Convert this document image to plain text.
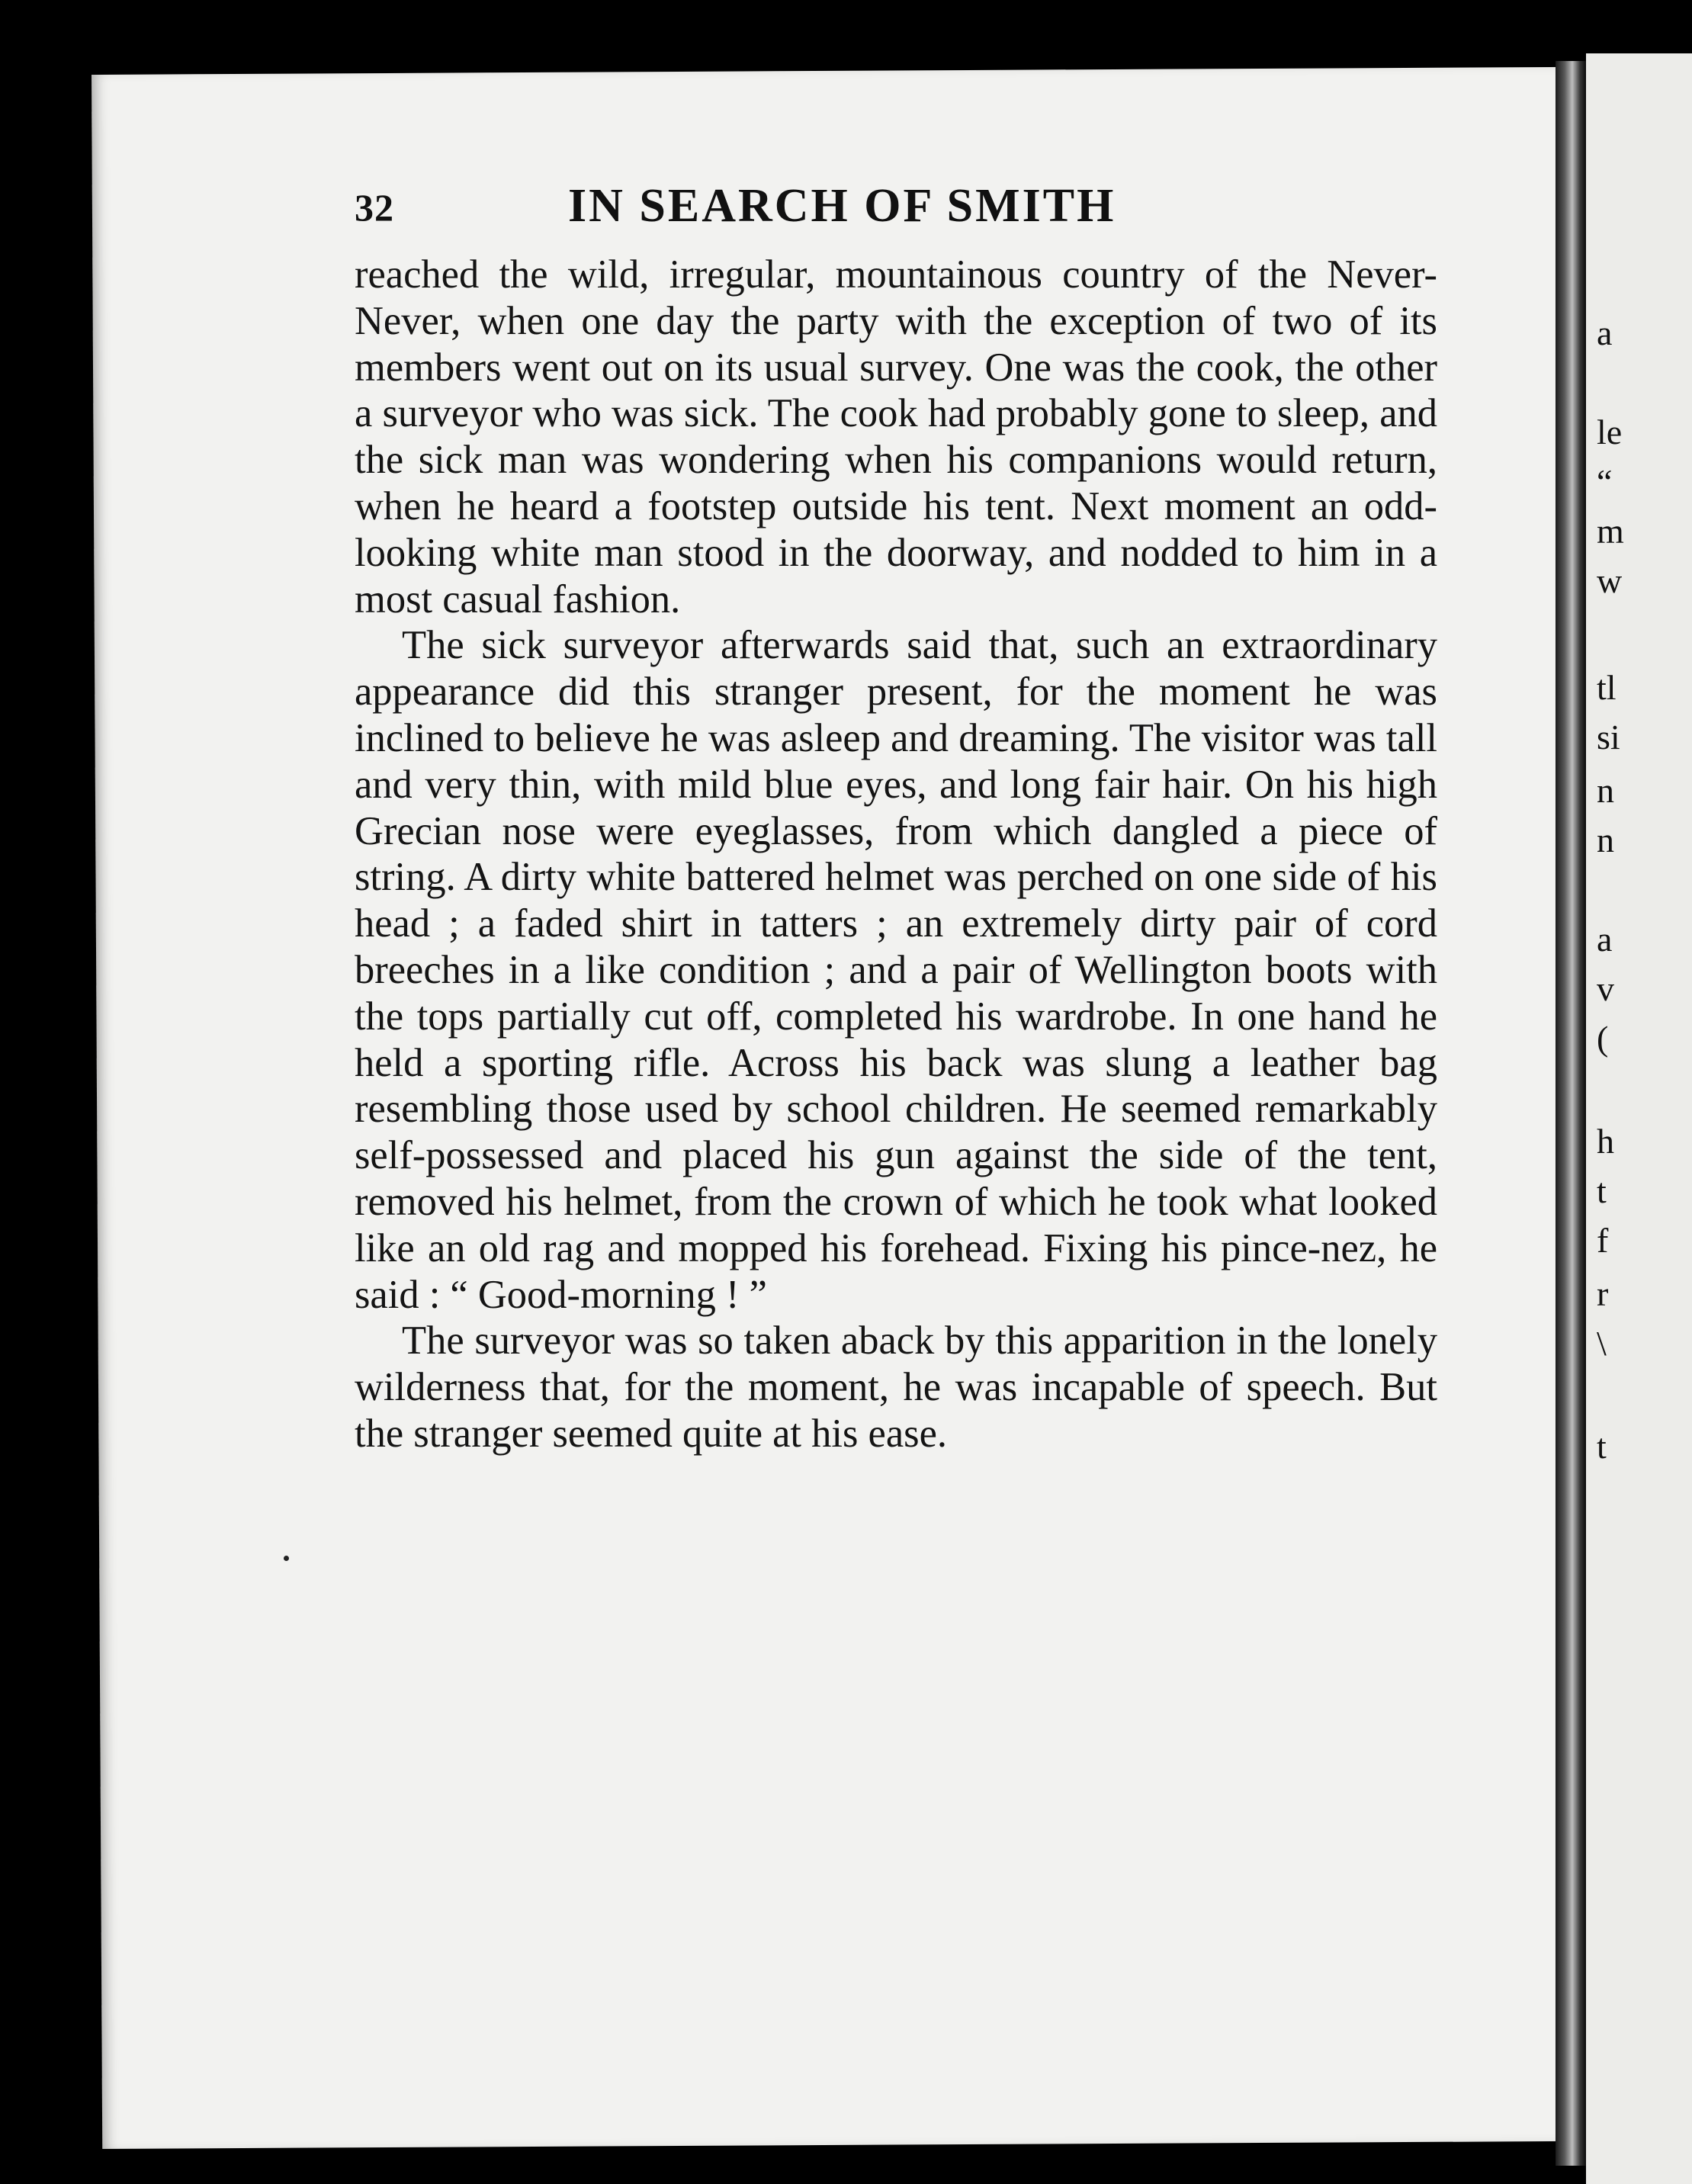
32	IN SEARCH OF SMITH

reached the wild, irregular, mountainous country of the Never-Never, when one day the party with the exception of two of its members went out on its usual survey. One was the cook, the other a surveyor who was sick. The cook had probably gone to sleep, and the sick man was wondering when his companions would return, when he heard a footstep outside his tent. Next moment an odd-looking white man stood in the doorway, and nodded to him in a most casual fashion.

The sick surveyor afterwards said that, such an extraordinary appearance did this stranger present, for the moment he was inclined to believe he was asleep and dreaming. The visitor was tall and very thin, with mild blue eyes, and long fair hair. On his high Grecian nose were eyeglasses, from which dangled a piece of string. A dirty white battered helmet was perched on one side of his head ; a faded shirt in tatters ; an extremely dirty pair of cord breeches in a like condition ; and a pair of Wellington boots with the tops partially cut off, completed his wardrobe. In one hand he held a sporting rifle. Across his back was slung a leather bag resembling those used by school children. He seemed remarkably self-possessed and placed his gun against the side of the tent, removed his helmet, from the crown of which he took what looked like an old rag and mopped his forehead. Fixing his pince-nez, he said : “ Good-morning ! ”

The surveyor was so taken aback by this apparition in the lonely wilderness that, for the moment, he was incapable of speech. But the stranger seemed quite at his ease.

a
le
“
m
w
tl
si
n
n
a
v
(
h
t
f
r
\
t
